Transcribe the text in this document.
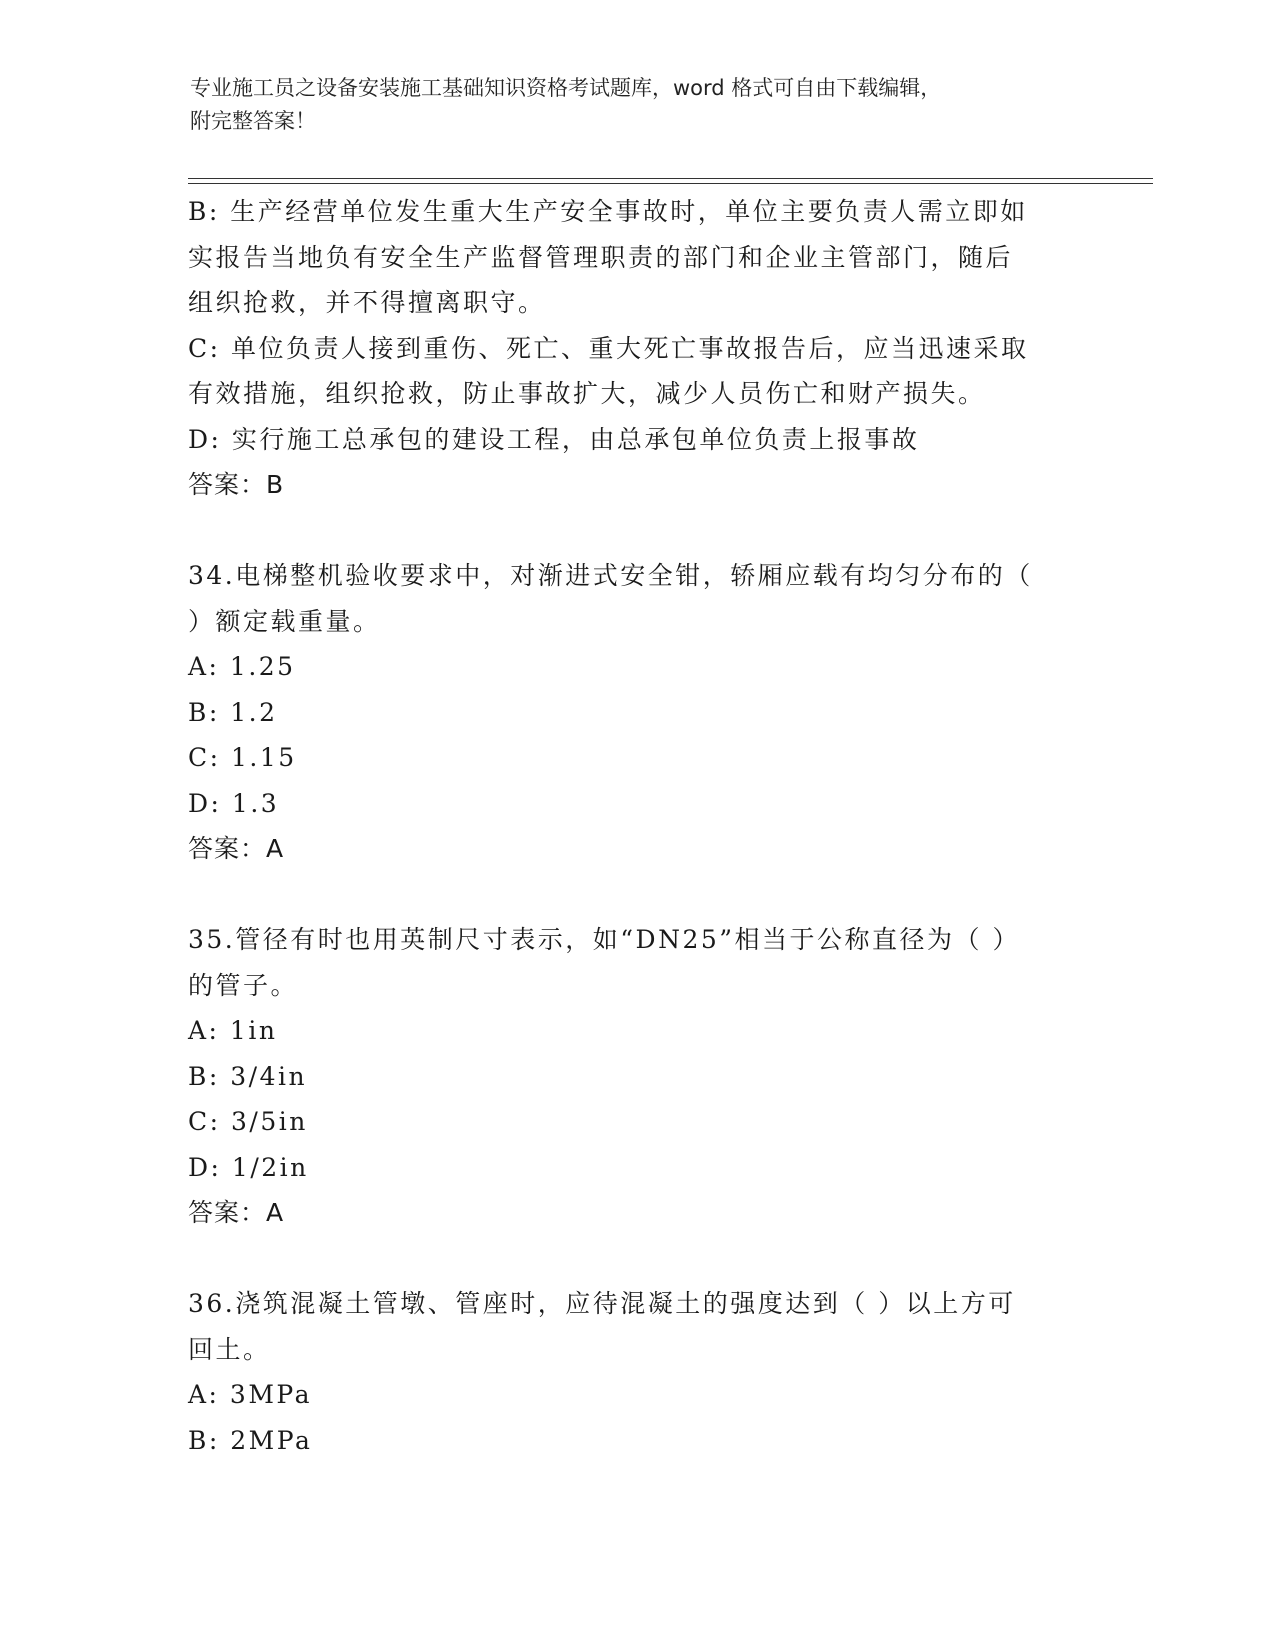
专业施工员之设备安装施工基础知识资格考试题库，word 格式可自由下载编辑，
附完整答案！
B: 生产经营单位发生重大生产安全事故时，单位主要负责人需立即如
实报告当地负有安全生产监督管理职责的部门和企业主管部门，随后
组织抢救，并不得擅离职守。
C: 单位负责人接到重伤、死亡、重大死亡事故报告后，应当迅速采取
有效措施，组织抢救，防止事故扩大，减少人员伤亡和财产损失。
D: 实行施工总承包的建设工程，由总承包单位负责上报事故
答案：B
34.电梯整机验收要求中，对渐进式安全钳，轿厢应载有均匀分布的（
）额定载重量。
A: 1.25
B: 1.2
C: 1.15
D: 1.3
答案：A
35.管径有时也用英制尺寸表示，如“DN25”相当于公称直径为（ ）
的管子。
A: 1in
B: 3/4in
C: 3/5in
D: 1/2in
答案：A
36.浇筑混凝土管墩、管座时，应待混凝土的强度达到（ ）以上方可
回土。
A: 3MPa
B: 2MPa
